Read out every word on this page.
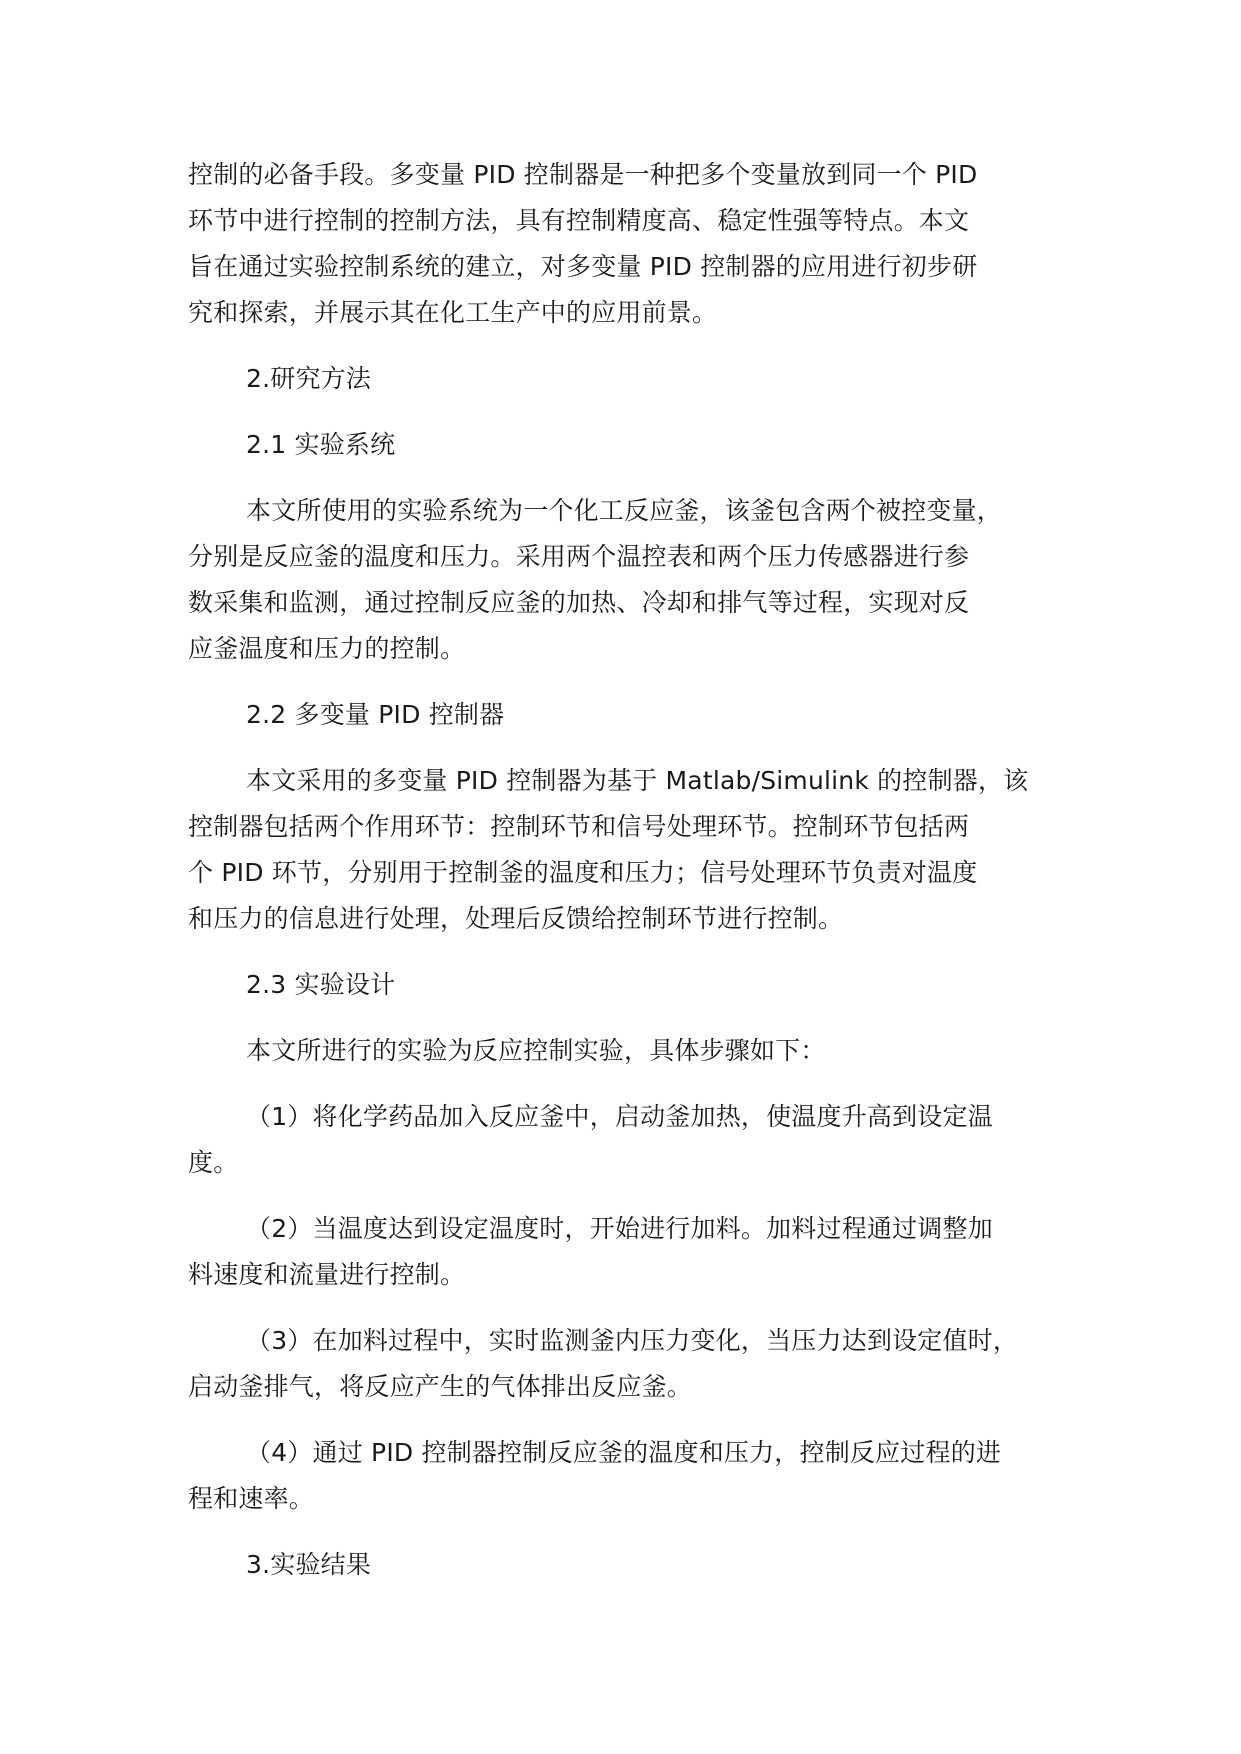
控制的必备手段。多变量 PID 控制器是一种把多个变量放到同一个 PID
环节中进行控制的控制方法，具有控制精度高、稳定性强等特点。本文
旨在通过实验控制系统的建立，对多变量 PID 控制器的应用进行初步研
究和探索，并展示其在化工生产中的应用前景。
2.研究方法
2.1 实验系统
本文所使用的实验系统为一个化工反应釜，该釜包含两个被控变量，
分别是反应釜的温度和压力。采用两个温控表和两个压力传感器进行参
数采集和监测，通过控制反应釜的加热、冷却和排气等过程，实现对反
应釜温度和压力的控制。
2.2 多变量 PID 控制器
本文采用的多变量 PID 控制器为基于 Matlab/Simulink 的控制器，该
控制器包括两个作用环节：控制环节和信号处理环节。控制环节包括两
个 PID 环节，分别用于控制釜的温度和压力；信号处理环节负责对温度
和压力的信息进行处理，处理后反馈给控制环节进行控制。
2.3 实验设计
本文所进行的实验为反应控制实验，具体步骤如下：
（1）将化学药品加入反应釜中，启动釜加热，使温度升高到设定温
度。
（2）当温度达到设定温度时，开始进行加料。加料过程通过调整加
料速度和流量进行控制。
（3）在加料过程中，实时监测釜内压力变化，当压力达到设定值时，
启动釜排气，将反应产生的气体排出反应釜。
（4）通过 PID 控制器控制反应釜的温度和压力，控制反应过程的进
程和速率。
3.实验结果
